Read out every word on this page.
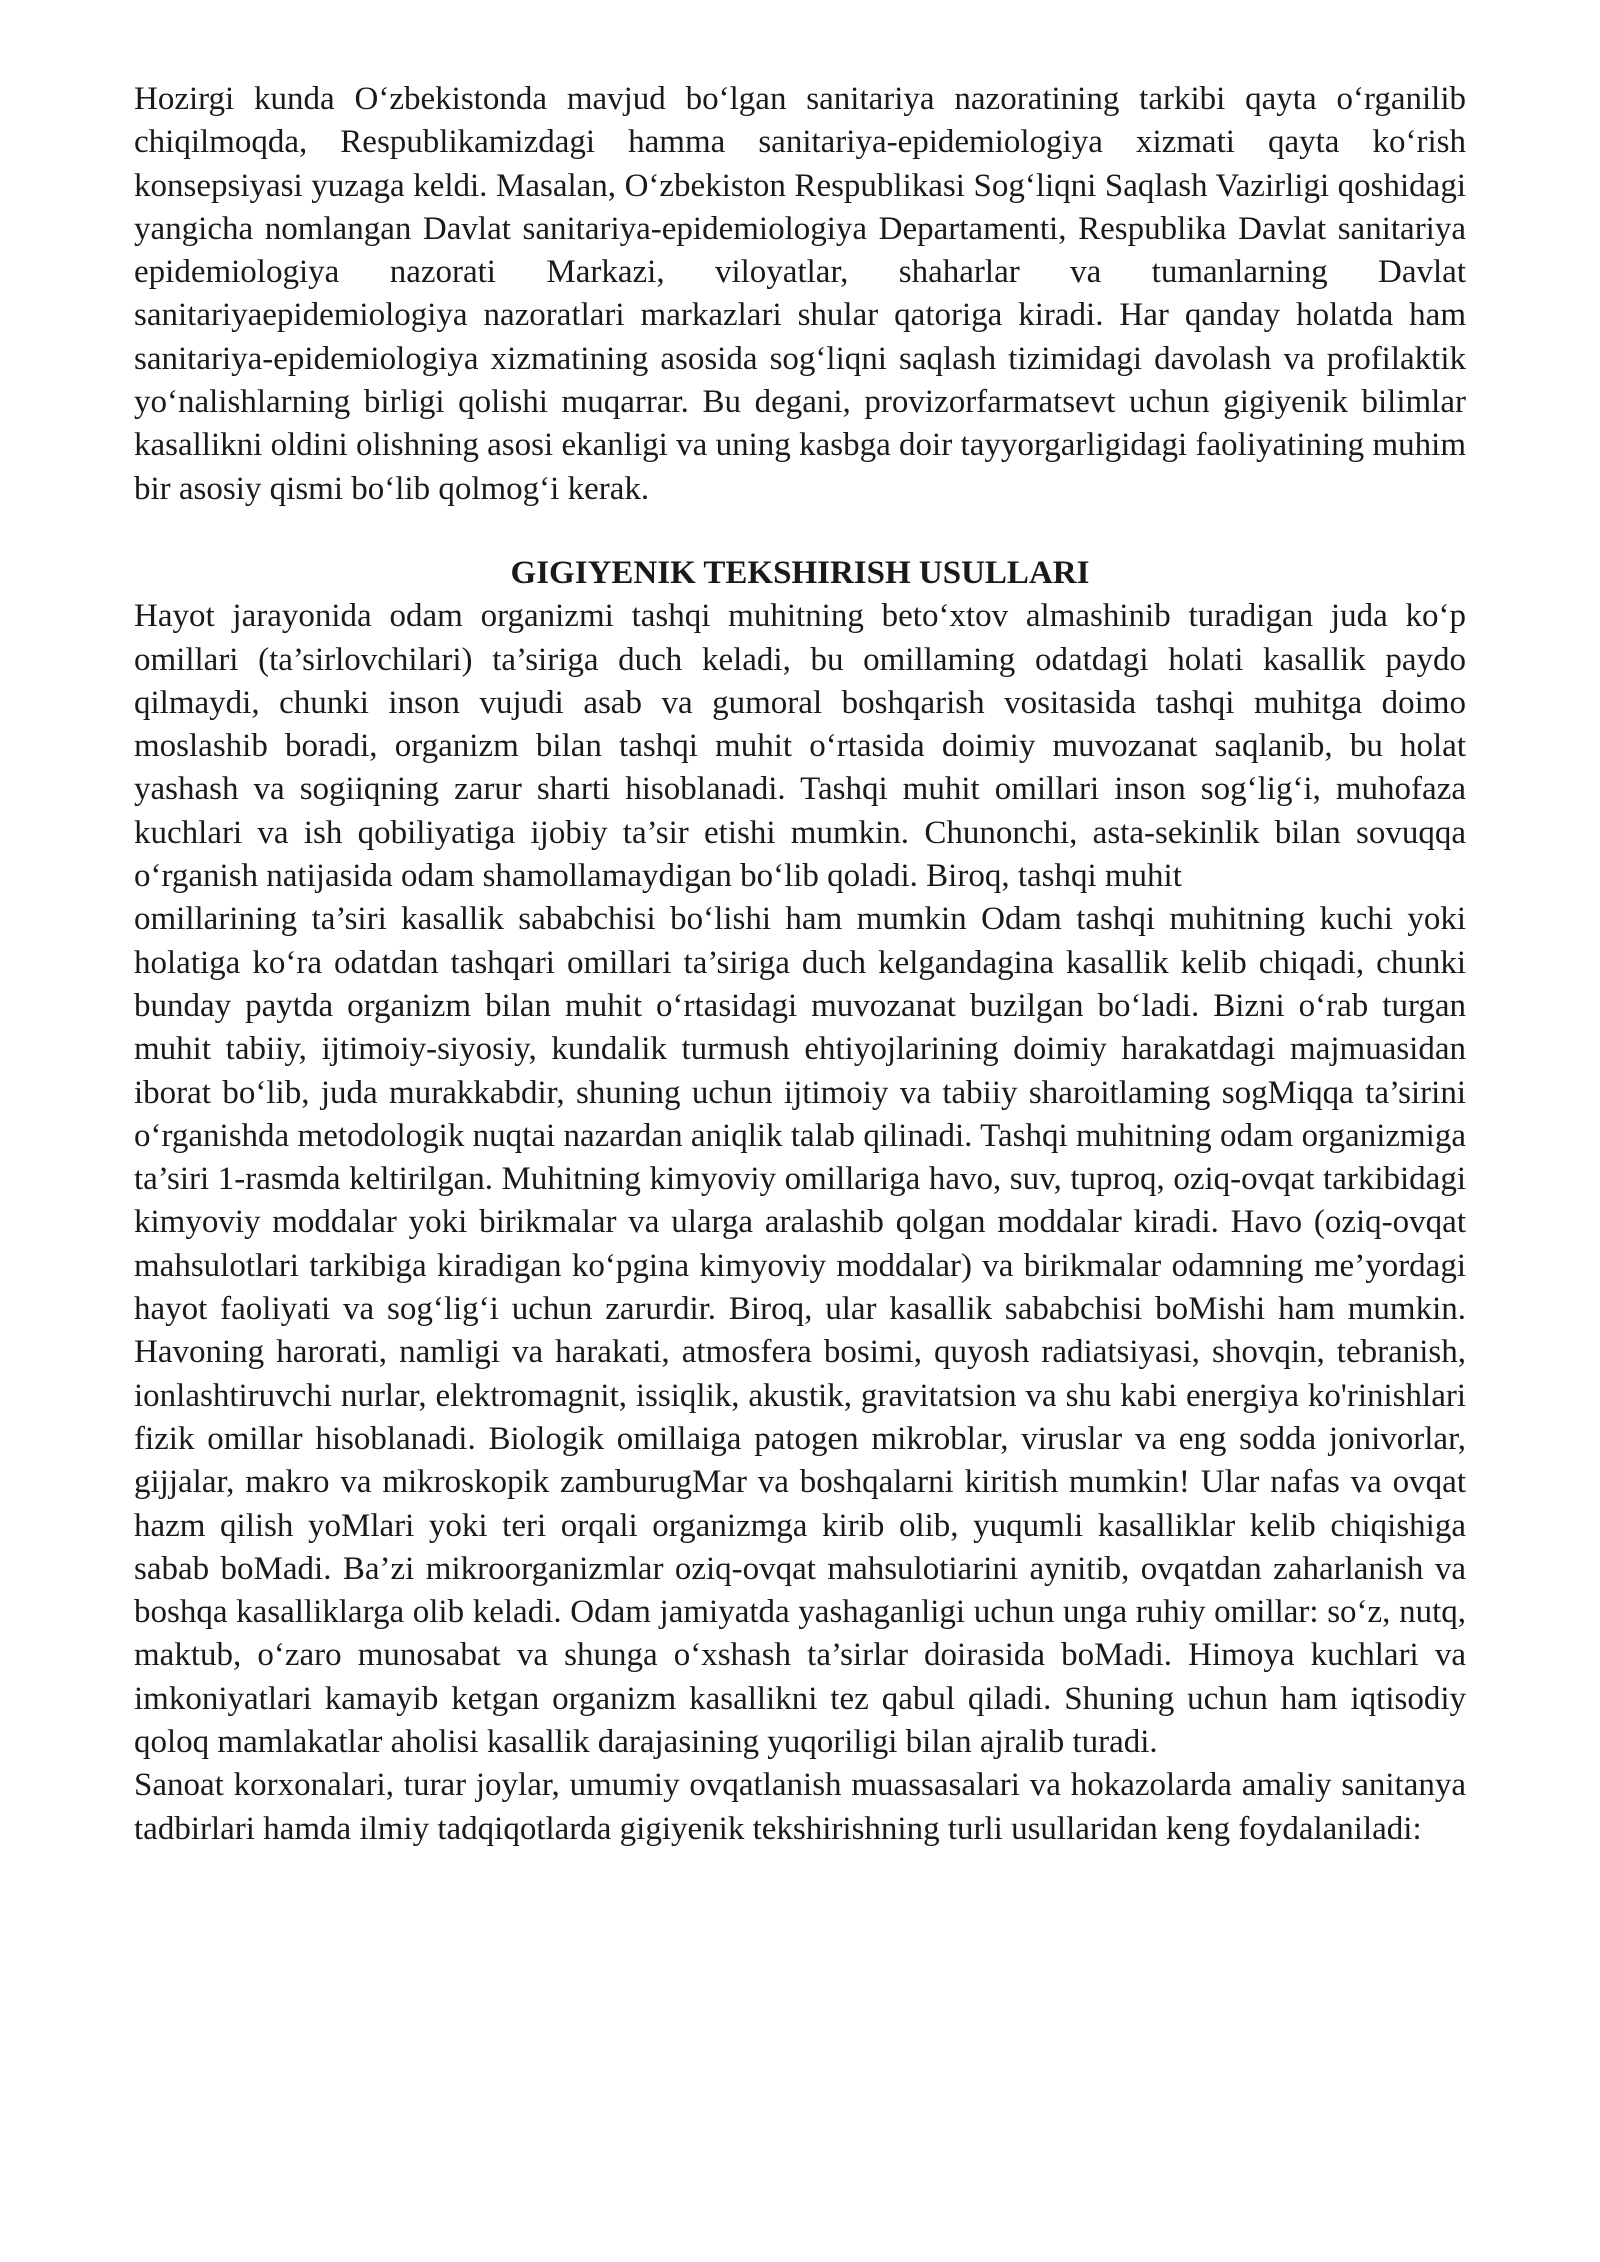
Hozirgi kunda O‘zbekistonda mavjud bo‘lgan sanitariya nazoratining tarkibi qayta o‘rganilib chiqilmoqda, Respublikamizdagi hamma sanitariya-epidemiologiya xizmati qayta ko‘rish konsepsiyasi yuzaga keldi. Masalan, O‘zbekiston Respublikasi Sog‘liqni Saqlash Vazirligi qoshidagi yangicha nomlangan Davlat sanitariya-epidemiologiya Departamenti, Respublika Davlat sanitariya epidemiologiya nazorati Markazi, viloyatlar, shaharlar va tumanlarning Davlat sanitariyaepidemiologiya nazoratlari markazlari shular qatoriga kiradi. Har qanday holatda ham sanitariya-epidemiologiya xizmatining asosida sog‘liqni saqlash tizimidagi davolash va profilaktik yo‘nalishlarning birligi qolishi muqarrar. Bu degani, provizorfarmatsevt uchun gigiyenik bilimlar kasallikni oldini olishning asosi ekanligi va uning kasbga doir tayyorgarligidagi faoliyatining muhim bir asosiy qismi bo‘lib qolmog‘i kerak.

GIGIYENIK TEKSHIRISH USULLARI

Hayot jarayonida odam organizmi tashqi muhitning beto‘xtov almashinib turadigan juda ko‘p omillari (ta’sirlovchilari) ta’siriga duch keladi, bu omillaming odatdagi holati kasallik paydo qilmaydi, chunki inson vujudi asab va gumoral boshqarish vositasida tashqi muhitga doimo moslashib boradi, organizm bilan tashqi muhit o‘rtasida doimiy muvozanat saqlanib, bu holat yashash va sogiiqning zarur sharti hisoblanadi. Tashqi muhit omillari inson sog‘lig‘i, muhofaza kuchlari va ish qobiliyatiga ijobiy ta’sir etishi mumkin. Chunonchi, asta-sekinlik bilan sovuqqa o‘rganish natijasida odam shamollamaydigan bo‘lib qoladi. Biroq, tashqi muhit

omillarining ta’siri kasallik sababchisi bo‘lishi ham mumkin Odam tashqi muhitning kuchi yoki holatiga ko‘ra odatdan tashqari omillari ta’siriga duch kelgandagina kasallik kelib chiqadi, chunki bunday paytda organizm bilan muhit o‘rtasidagi muvozanat buzilgan bo‘ladi. Bizni o‘rab turgan muhit tabiiy, ijtimoiy-siyosiy, kundalik turmush ehtiyojlarining doimiy harakatdagi majmuasidan iborat bo‘lib, juda murakkabdir, shuning uchun ijtimoiy va tabiiy sharoitlaming sogMiqqa ta’sirini o‘rganishda metodologik nuqtai nazardan aniqlik talab qilinadi. Tashqi muhitning odam organizmiga ta’siri 1-rasmda keltirilgan. Muhitning kimyoviy omillariga havo, suv, tuproq, oziq-ovqat tarkibidagi kimyoviy moddalar yoki birikmalar va ularga aralashib qolgan moddalar kiradi. Havo (oziq-ovqat mahsulotlari tarkibiga kiradigan ko‘pgina kimyoviy moddalar) va birikmalar odamning me’yordagi hayot faoliyati va sog‘lig‘i uchun zarurdir. Biroq, ular kasallik sababchisi boMishi ham mumkin. Havoning harorati, namligi va harakati, atmosfera bosimi, quyosh radiatsiyasi, shovqin, tebranish, ionlashtiruvchi nurlar, elektromagnit, issiqlik, akustik, gravitatsion va shu kabi energiya ko'rinishlari fizik omillar hisoblanadi. Biologik omillaiga patogen mikroblar, viruslar va eng sodda jonivorlar, gijjalar, makro va mikroskopik zamburugMar va boshqalarni kiritish mumkin! Ular nafas va ovqat hazm qilish yoMlari yoki teri orqali organizmga kirib olib, yuqumli kasalliklar kelib chiqishiga sabab boMadi. Ba’zi mikroorganizmlar oziq-ovqat mahsulotiarini aynitib, ovqatdan zaharlanish va boshqa kasalliklarga olib keladi. Odam jamiyatda yashaganligi uchun unga ruhiy omillar: so‘z, nutq, maktub, o‘zaro munosabat va shunga o‘xshash ta’sirlar doirasida boMadi. Himoya kuchlari va imkoniyatlari kamayib ketgan organizm kasallikni tez qabul qiladi. Shuning uchun ham iqtisodiy qoloq mamlakatlar aholisi kasallik darajasining yuqoriligi bilan ajralib turadi.

Sanoat korxonalari, turar joylar, umumiy ovqatlanish muassasalari va hokazolarda amaliy sanitanya tadbirlari hamda ilmiy tadqiqotlarda gigiyenik tekshirishning turli usullaridan keng foydalaniladi:
